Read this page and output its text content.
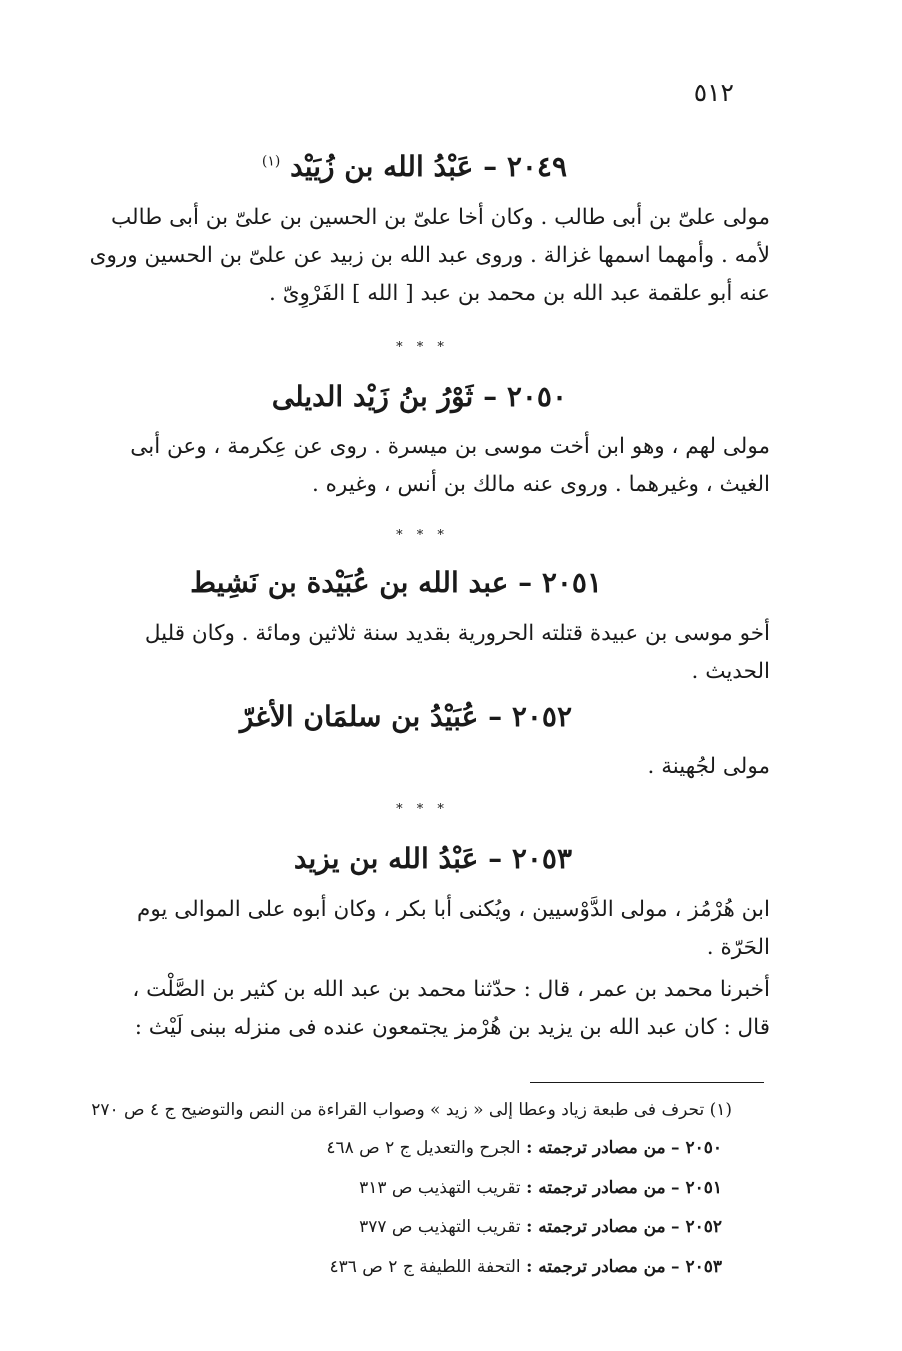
٥١٢
٢٠٤٩ – عَبْدُ الله بن زُيَيْد $^{(١)}$
مولى علىّ بن أبى طالب . وكان أخا علىّ بن الحسين بن علىّ بن أبى طالب
لأمه . وأمهما اسمها غزالة . وروى عبد الله بن زبيد عن علىّ بن الحسين وروى
عنه أبو علقمة عبد الله بن محمد بن عبد [ الله ] الفَرْوِىّ .
* * *
٢٠٥٠ – ثَوْرُ بنُ زَيْد الديلى
مولى لهم ، وهو ابن أخت موسى بن ميسرة . روى عن عِكرمة ، وعن أبى
الغيث ، وغيرهما . وروى عنه مالك بن أنس ، وغيره .
* * *
٢٠٥١ – عبد الله بن عُبَيْدة بن نَشِيط
أخو موسى بن عبيدة قتلته الحرورية بقديد سنة ثلاثين ومائة . وكان قليل
الحديث .
٢٠٥٢ – عُبَيْدُ بن سلمَان الأغرّ
مولى لجُهينة .
* * *
٢٠٥٣ – عَبْدُ الله بن يزيد
ابن هُرْمُز ، مولى الدَّوْسيين ، ويُكنى أبا بكر ، وكان أبوه على الموالى يوم
الحَرّة .
أخبرنا محمد بن عمر ، قال : حدّثنا محمد بن عبد الله بن كثير بن الصَّلْت ،
قال : كان عبد الله بن يزيد بن هُرْمز يجتمعون عنده فى منزله ببنى لَيْث :
(١) تحرف فى طبعة زياد وعطا إلى « زيد » وصواب القراءة من النص والتوضيح ج ٤ ص ٢٧٠
٢٠٥٠ – من مصادر ترجمته : الجرح والتعديل ج ٢ ص ٤٦٨
٢٠٥١ – من مصادر ترجمته : تقريب التهذيب ص ٣١٣
٢٠٥٢ – من مصادر ترجمته : تقريب التهذيب ص ٣٧٧
٢٠٥٣ – من مصادر ترجمته : التحفة اللطيفة ج ٢ ص ٤٣٦
